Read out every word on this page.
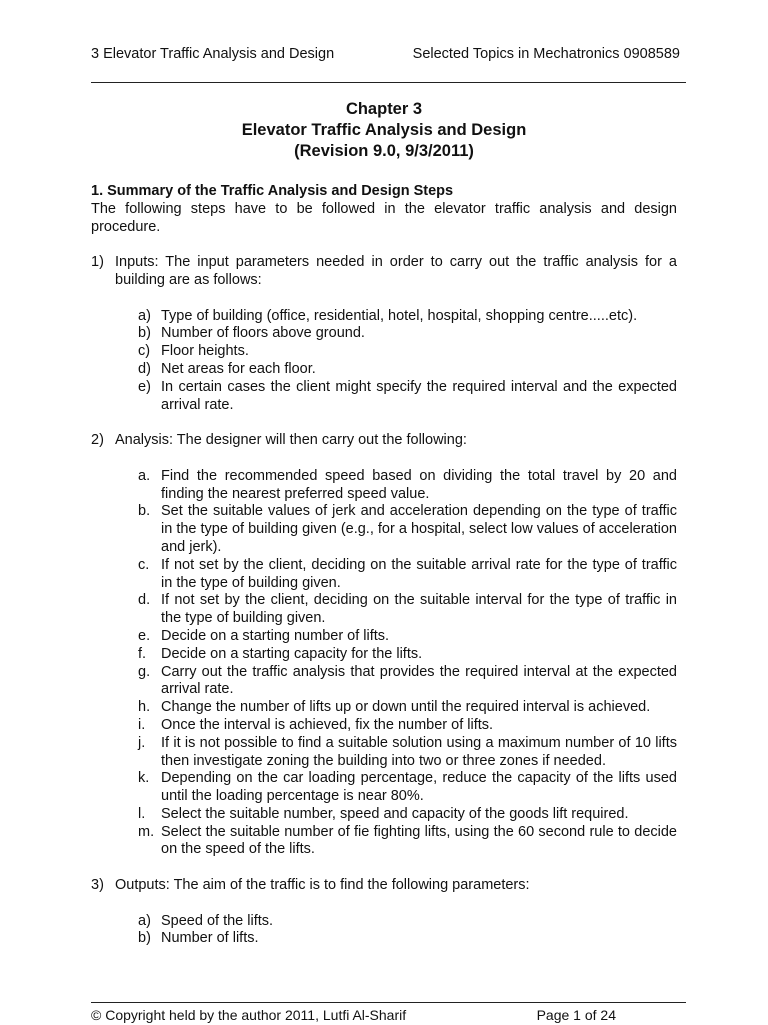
3 Elevator Traffic Analysis and Design	Selected Topics in Mechatronics 0908589
Chapter 3
Elevator Traffic Analysis and Design
(Revision 9.0, 9/3/2011)
1. Summary of the Traffic Analysis and Design Steps

The following steps have to be followed in the elevator traffic analysis and design procedure.

1) Inputs: The input parameters needed in order to carry out the traffic analysis for a building are as follows:
a) Type of building (office, residential, hotel, hospital, shopping centre.....etc).
b) Number of floors above ground.
c) Floor heights.
d) Net areas for each floor.
e) In certain cases the client might specify the required interval and the expected arrival rate.
2) Analysis: The designer will then carry out the following:
a. Find the recommended speed based on dividing the total travel by 20 and finding the nearest preferred speed value.
b. Set the suitable values of jerk and acceleration depending on the type of traffic in the type of building given (e.g., for a hospital, select low values of acceleration and jerk).
c. If not set by the client, deciding on the suitable arrival rate for the type of traffic in the type of building given.
d. If not set by the client, deciding on the suitable interval for the type of traffic in the type of building given.
e. Decide on a starting number of lifts.
f.	Decide on a starting capacity for the lifts.
g. Carry out the traffic analysis that provides the required interval at the expected arrival rate.
h. Change the number of lifts up or down until the required interval is achieved.
i.	Once the interval is achieved, fix the number of lifts.
j.	If it is not possible to find a suitable solution using a maximum number of 10 lifts then investigate zoning the building into two or three zones if needed.
k. Depending on the car loading percentage, reduce the capacity of the lifts used until the loading percentage is near 80%.
l.	Select the suitable number, speed and capacity of the goods lift required.
m. Select the suitable number of fie fighting lifts, using the 60 second rule to decide on the speed of the lifts.
3) Outputs: The aim of the traffic is to find the following parameters:
a) Speed of the lifts.
b) Number of lifts.
© Copyright held by the author 2011, Lutfi Al-Sharif	Page 1 of 24
